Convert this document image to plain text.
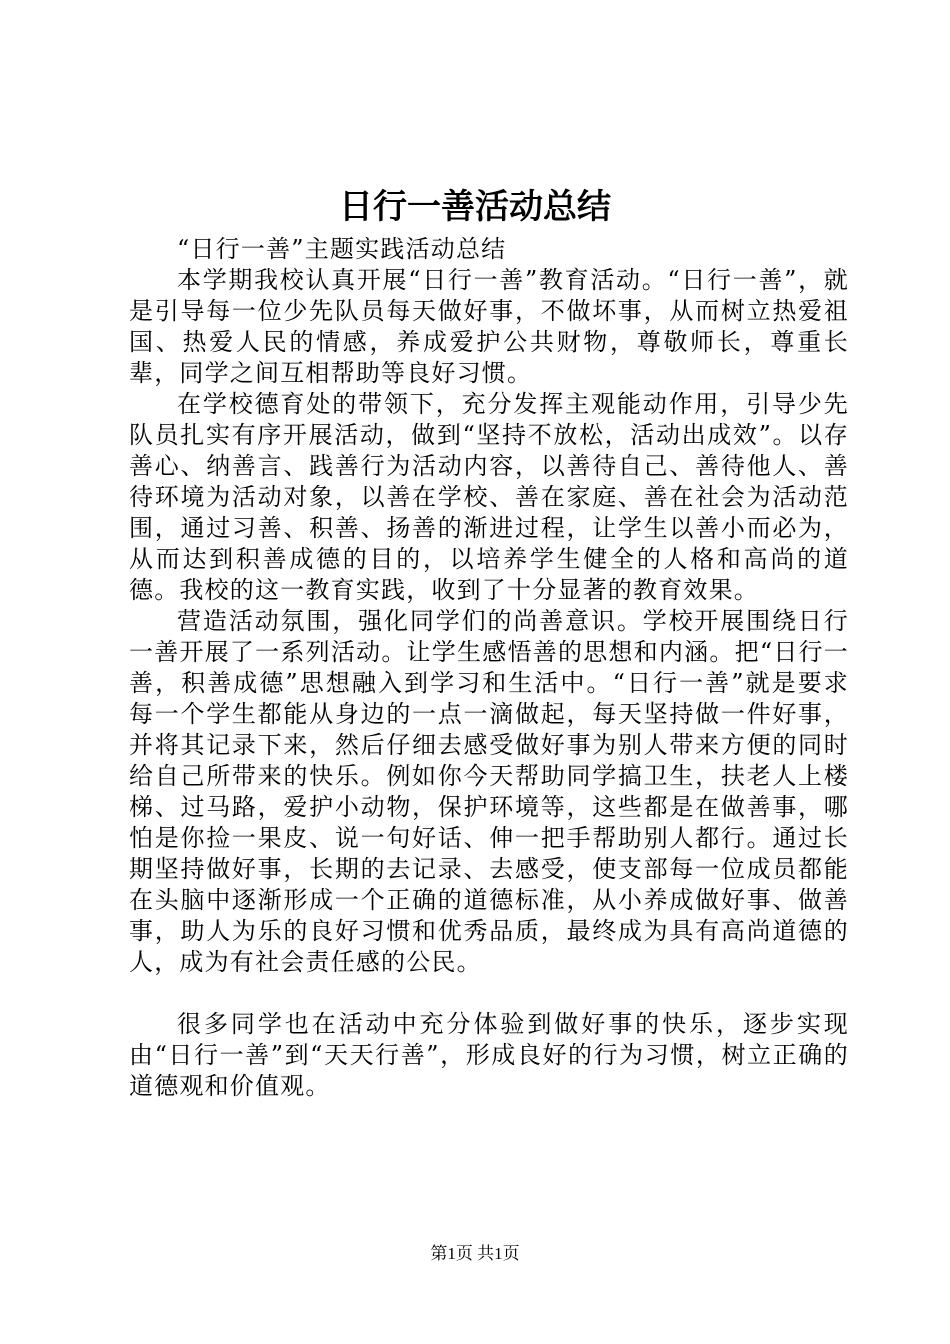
日行一善活动总结

“日行一善”主题实践活动总结

本学期我校认真开展“日行一善”教育活动。“日行一善”，就是引导每一位少先队员每天做好事，不做坏事，从而树立热爱祖国、热爱人民的情感，养成爱护公共财物，尊敬师长，尊重长辈，同学之间互相帮助等良好习惯。

在学校德育处的带领下，充分发挥主观能动作用，引导少先队员扎实有序开展活动，做到“坚持不放松，活动出成效”。以存善心、纳善言、践善行为活动内容，以善待自己、善待他人、善待环境为活动对象，以善在学校、善在家庭、善在社会为活动范围，通过习善、积善、扬善的渐进过程，让学生以善小而必为，从而达到积善成德的目的，以培养学生健全的人格和高尚的道德。我校的这一教育实践，收到了十分显著的教育效果。

营造活动氛围，强化同学们的尚善意识。学校开展围绕日行一善开展了一系列活动。让学生感悟善的思想和内涵。把“日行一善，积善成德”思想融入到学习和生活中。“日行一善”就是要求每一个学生都能从身边的一点一滴做起，每天坚持做一件好事，并将其记录下来，然后仔细去感受做好事为别人带来方便的同时给自己所带来的快乐。例如你今天帮助同学搞卫生，扶老人上楼梯、过马路，爱护小动物，保护环境等，这些都是在做善事，哪怕是你捡一果皮、说一句好话、伸一把手帮助别人都行。通过长期坚持做好事，长期的去记录、去感受，使支部每一位成员都能在头脑中逐渐形成一个正确的道德标准，从小养成做好事、做善事，助人为乐的良好习惯和优秀品质，最终成为具有高尚道德的人，成为有社会责任感的公民。

很多同学也在活动中充分体验到做好事的快乐，逐步实现由“日行一善”到“天天行善”，形成良好的行为习惯，树立正确的道德观和价值观。

第1页 共1页
